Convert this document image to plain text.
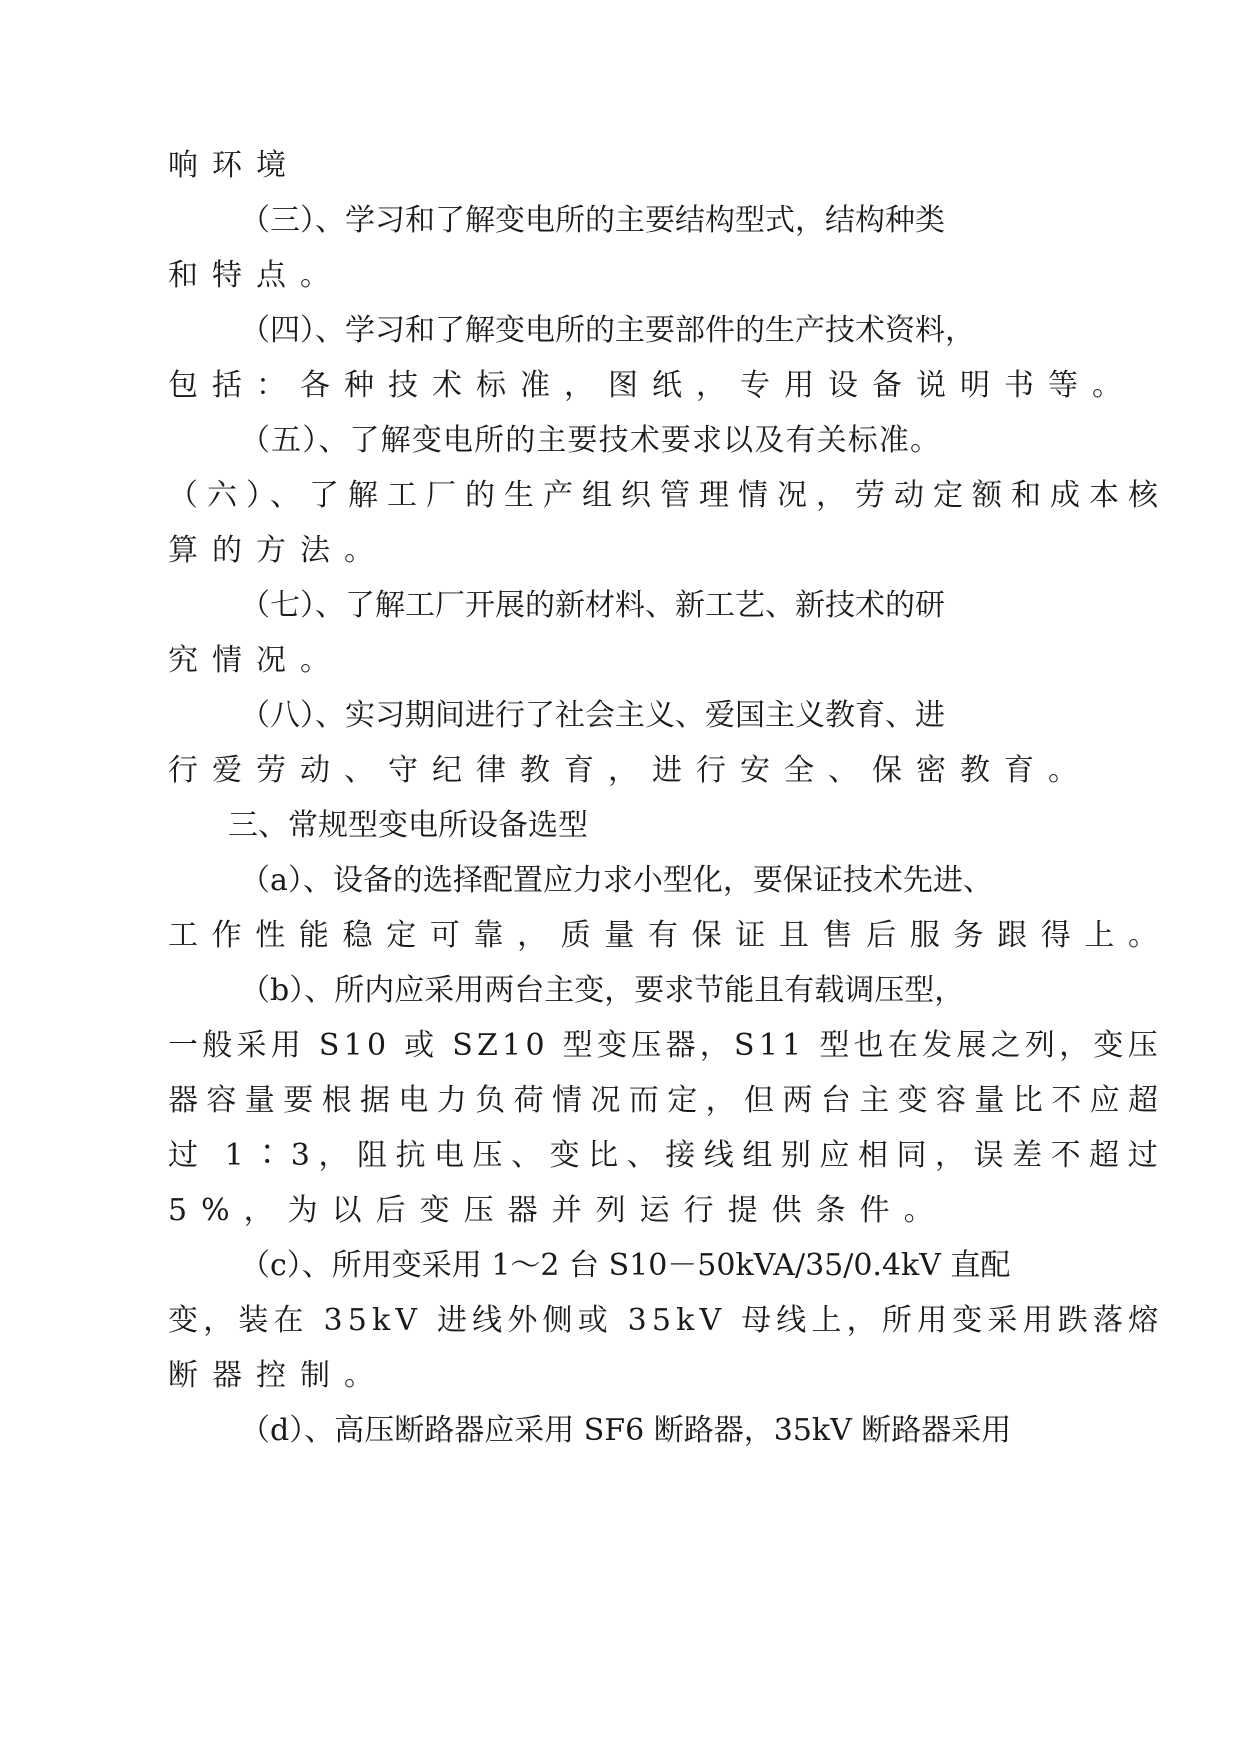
响环境
（三）、学习和了解变电所的主要结构型式，结构种类
和特点。
（四）、学习和了解变电所的主要部件的生产技术资料，
包括：各种技术标准，图纸，专用设备说明书等。
（五）、了解变电所的主要技术要求以及有关标准。
（六）、了解工厂的生产组织管理情况，劳动定额和成本核
算的方法。
（七）、了解工厂开展的新材料、新工艺、新技术的研
究情况。
（八）、实习期间进行了社会主义、爱国主义教育、进
行爱劳动、守纪律教育，进行安全、保密教育。
三、常规型变电所设备选型
（a）、设备的选择配置应力求小型化，要保证技术先进、
工作性能稳定可靠，质量有保证且售后服务跟得上。
（b）、所内应采用两台主变，要求节能且有载调压型，
一般采用 S10 或 SZ10 型变压器，S11 型也在发展之列，变压
器容量要根据电力负荷情况而定，但两台主变容量比不应超
过 1∶3，阻抗电压、变比、接线组别应相同，误差不超过
5%，为以后变压器并列运行提供条件。
（c）、所用变采用 1～2 台 S10－50kVA/35/0.4kV 直配
变，装在 35kV 进线外侧或 35kV 母线上，所用变采用跌落熔
断器控制。
（d）、高压断路器应采用 SF6 断路器，35kV 断路器采用
